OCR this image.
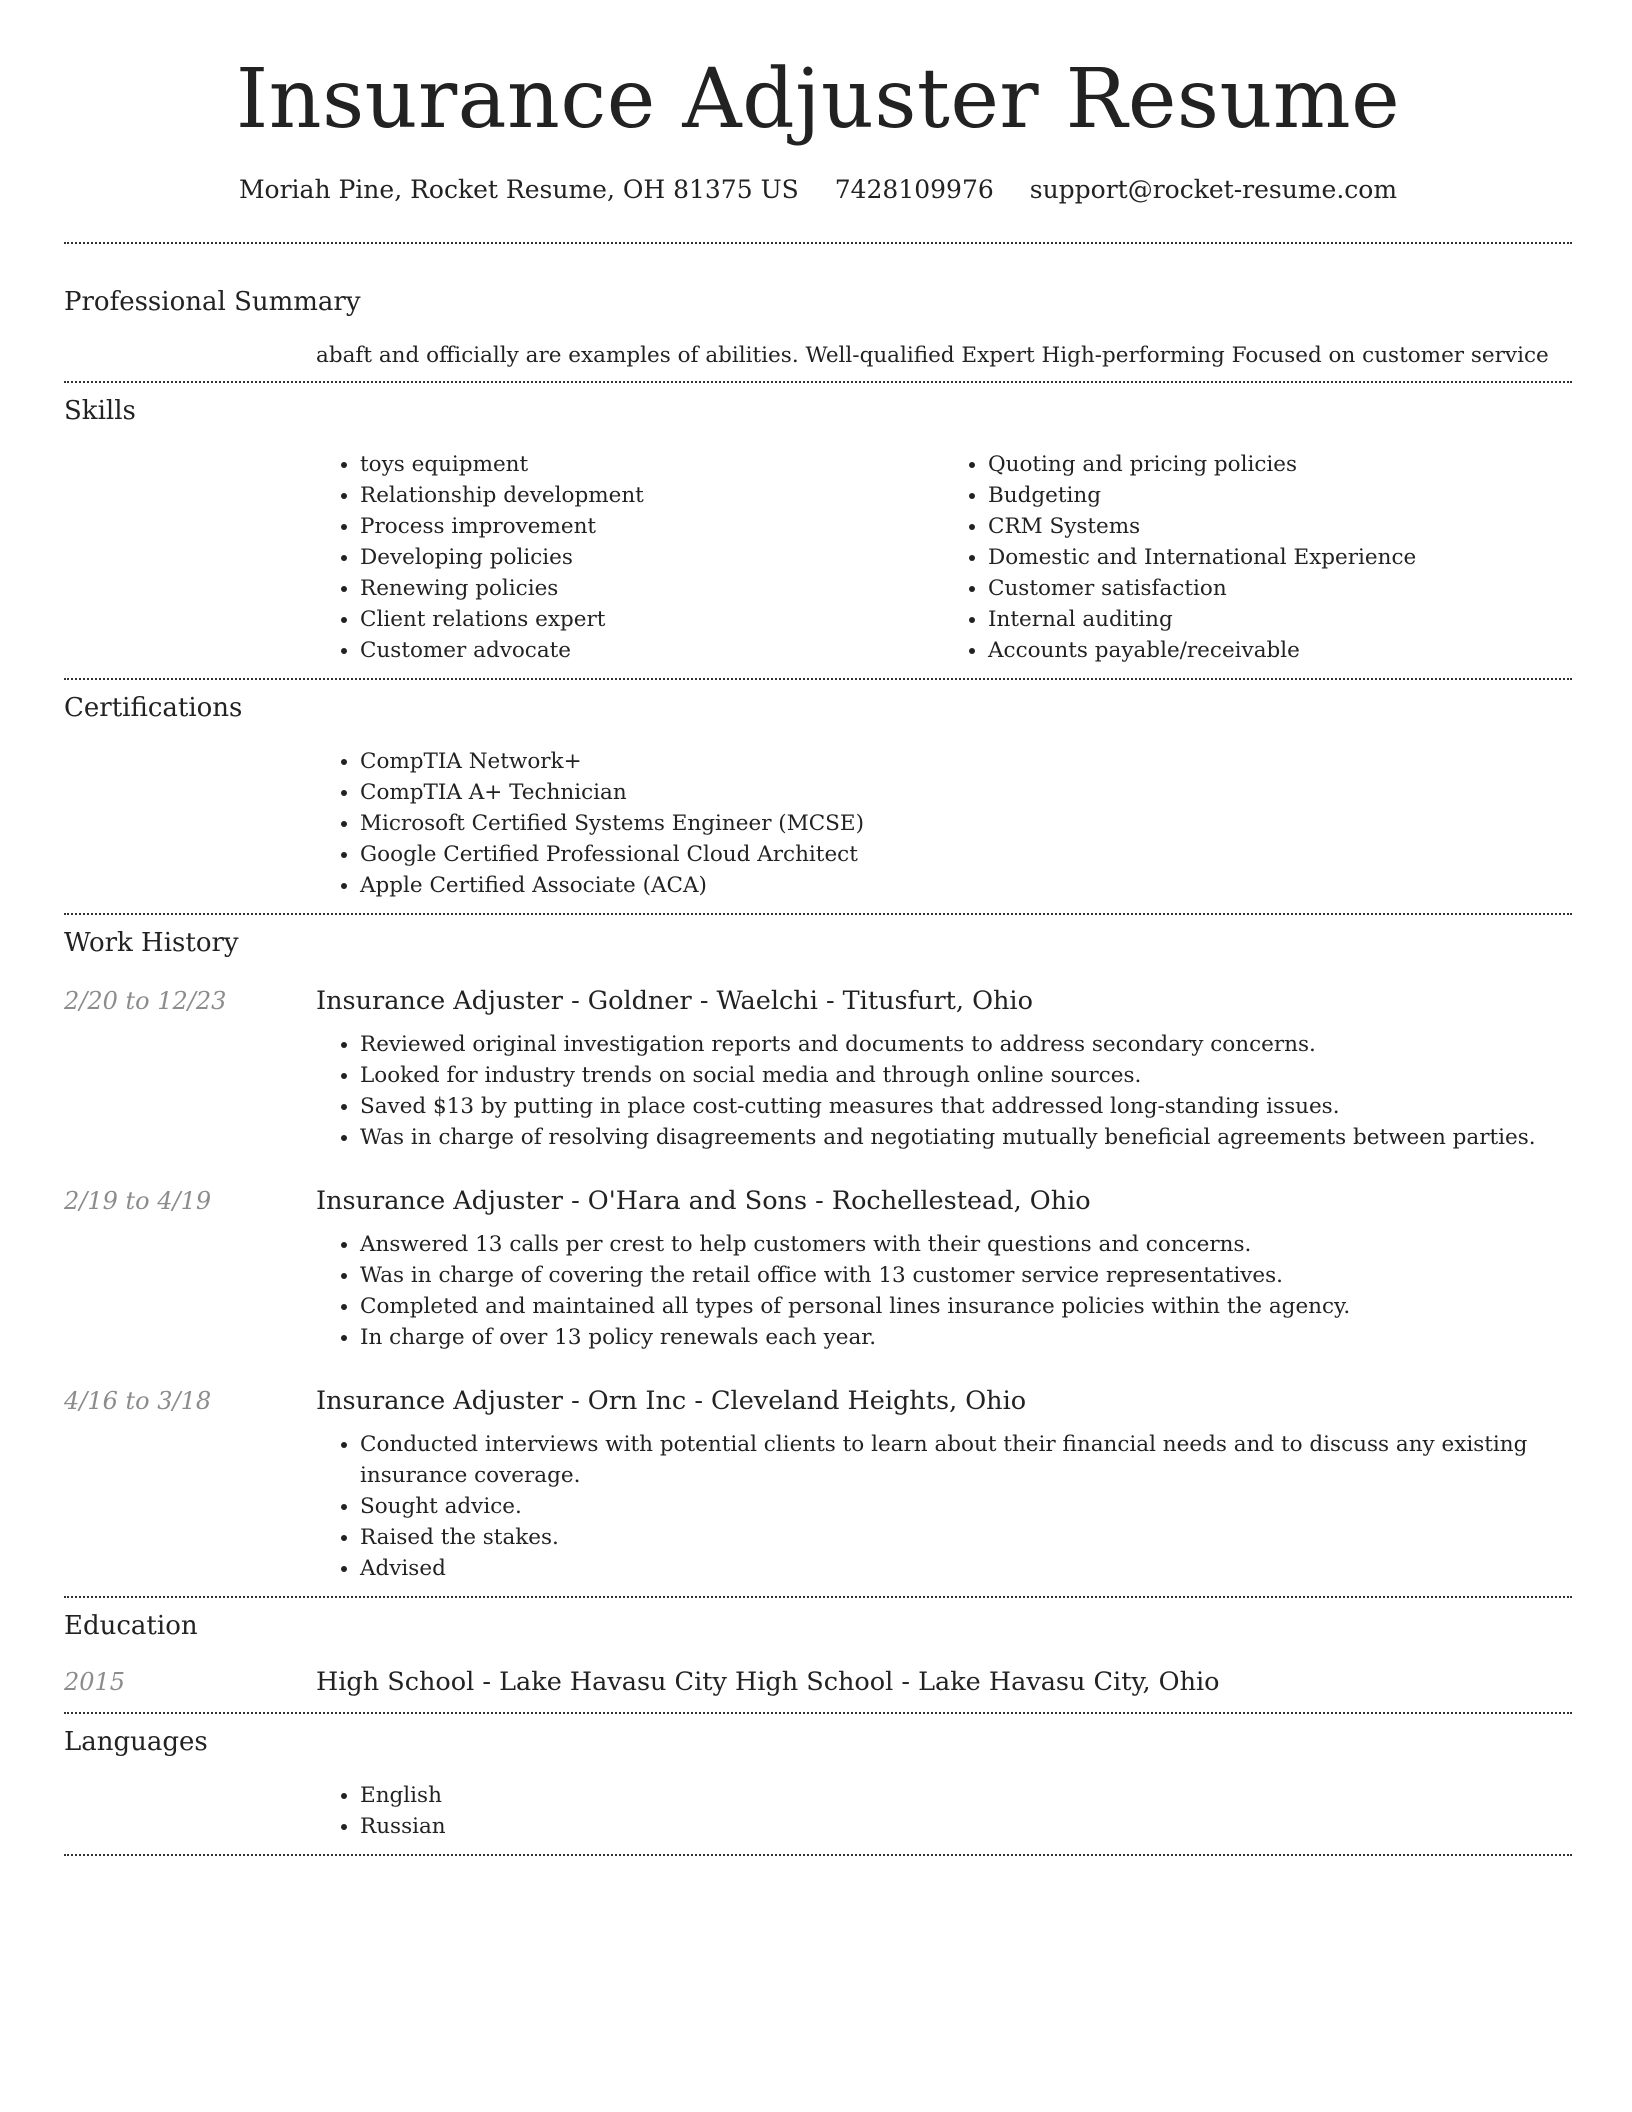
Insurance Adjuster Resume
Moriah Pine, Rocket Resume, OH 81375 US 7428109976 support@rocket-resume.com
Professional Summary
abaft and officially are examples of abilities. Well-qualified Expert High-performing Focused on customer service
Skills
• toys equipment
• Relationship development
• Process improvement
• Developing policies
• Renewing policies
• Client relations expert
• Customer advocate
• Quoting and pricing policies
• Budgeting
• CRM Systems
• Domestic and International Experience
• Customer satisfaction
• Internal auditing
• Accounts payable/receivable
Certifications
• CompTIA Network+
• CompTIA A+ Technician
• Microsoft Certified Systems Engineer (MCSE)
• Google Certified Professional Cloud Architect
• Apple Certified Associate (ACA)
Work History
2/20 to 12/23	Insurance Adjuster - Goldner - Waelchi - Titusfurt, Ohio
• Reviewed original investigation reports and documents to address secondary concerns.
• Looked for industry trends on social media and through online sources.
• Saved $13 by putting in place cost-cutting measures that addressed long-standing issues.
• Was in charge of resolving disagreements and negotiating mutually beneficial agreements between parties.
2/19 to 4/19	Insurance Adjuster - O'Hara and Sons - Rochellestead, Ohio
• Answered 13 calls per crest to help customers with their questions and concerns.
• Was in charge of covering the retail office with 13 customer service representatives.
• Completed and maintained all types of personal lines insurance policies within the agency.
• In charge of over 13 policy renewals each year.
4/16 to 3/18	Insurance Adjuster - Orn Inc - Cleveland Heights, Ohio
• Conducted interviews with potential clients to learn about their financial needs and to discuss any existing insurance coverage.
• Sought advice.
• Raised the stakes.
• Advised
Education
2015	High School - Lake Havasu City High School - Lake Havasu City, Ohio
Languages
• English
• Russian
